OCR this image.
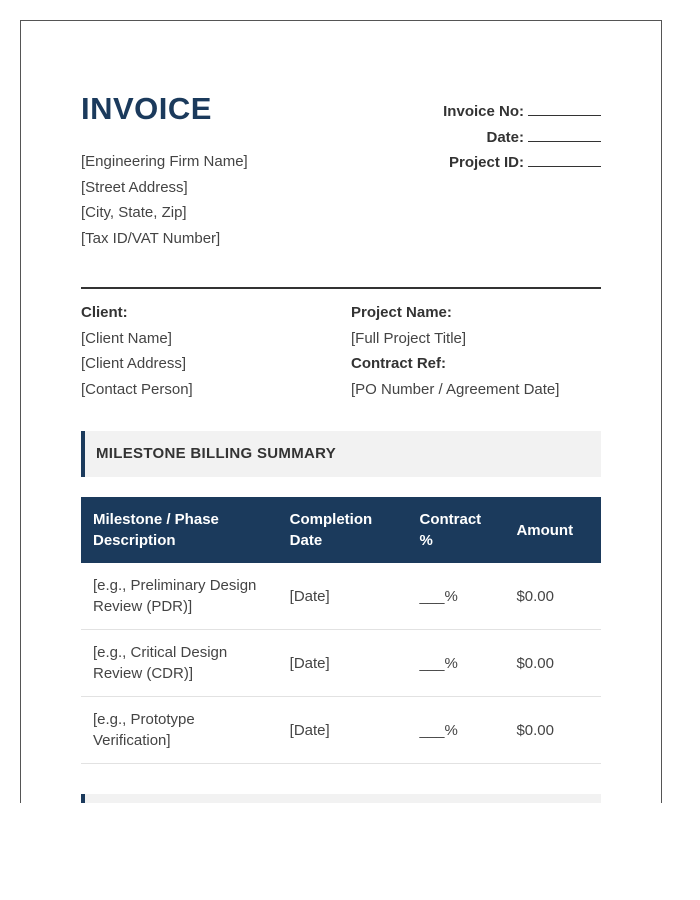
INVOICE	Invoice No:
Date:
Project ID:
[Engineering Firm Name]
[Street Address]
[City, State, Zip]
[Tax ID/VAT Number]
Client:
[Client Name]
[Client Address]
[Contact Person]
Project Name:
[Full Project Title]
Contract Ref:
[PO Number / Agreement Date]
MILESTONE BILLING SUMMARY
Milestone / Phase Description	Completion Date	Contract %	Amount
[e.g., Preliminary Design Review (PDR)]	[Date]	___%	$0.00
[e.g., Critical Design Review (CDR)]	[Date]	___%	$0.00
[e.g., Prototype Verification]	[Date]	___%	$0.00
